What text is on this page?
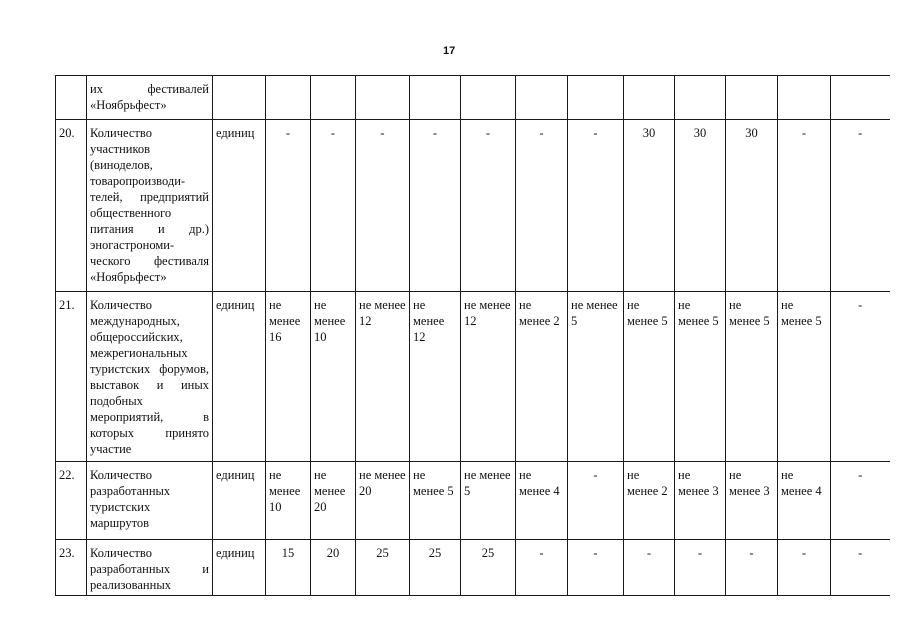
17
	их фестивалей «Ноябрьфест»													
20.	Количество участников (виноделов, товаропроизводи-телей, предприятий общественного питания и др.) эногастрономи-ческого фестиваля «Ноябрьфест»	единиц	-	-	-	-	-	-	-	30	30	30	-	-
21.	Количество международных, общероссийских, межрегиональных туристских форумов, выставок и иных подобных мероприятий, в которых принято участие	единиц	не менее 16	не менее 10	не менее 12	не менее 12	не менее 12	не менее 2	не менее 5	не менее 5	не менее 5	не менее 5	не менее 5	-
22.	Количество разработанных туристских маршрутов	единиц	не менее 10	не менее 20	не менее 20	не менее 5	не менее 5	не менее 4	-	не менее 2	не менее 3	не менее 3	не менее 4	-
23.	Количество разработанных и реализованных	единиц	15	20	25	25	25	-	-	-	-	-	-	-
